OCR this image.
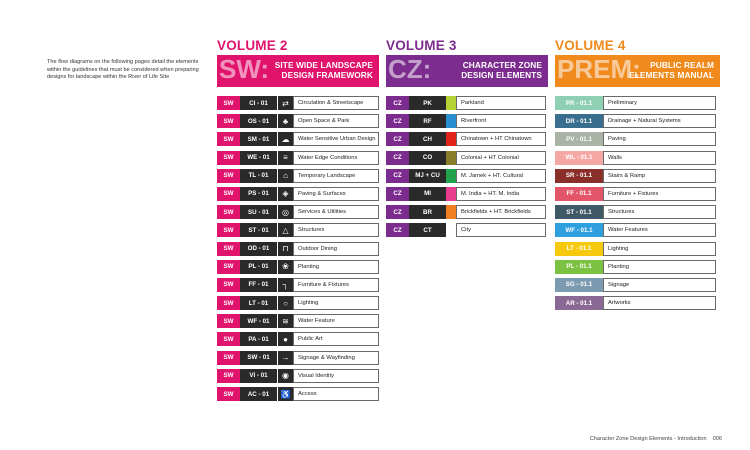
The flow diagrams on the following pages detail the elements within the guidelines that must be considered when preparing designs for landscape within the River of Life Site

VOLUME 2
SW: SITE WIDE LANDSCAPE
DESIGN FRAMEWORK
SW	CI - 01	⇄	Circulation & Streetscape
SW	OS - 01	♣	Open Space & Park
SW	SM - 01	☁	Water Sensitive Urban Design
SW	WE - 01	≡	Water Edge Conditions
SW	TL - 01	⌂	Temporary Landscape
SW	PS - 01	◈	Paving & Surfaces
SW	SU - 01	◎	Services & Utilities
SW	ST - 01	△	Structures
SW	OD - 01	⊓	Outdoor Dining
SW	PL - 01	❀	Planting
SW	FF - 01	┐	Furniture & Fixtures
SW	LT - 01	○	Lighting
SW	WF - 01	≋	Water Feature
SW	PA - 01	●	Public Art
SW	SW - 01	→	Signage & Wayfinding
SW	VI - 01	◉	Visual Identity
SW	AC - 01	♿	Access
VOLUME 3
CZ:	CHARACTER ZONE
DESIGN ELEMENTS
CZ	PK	Parkland
CZ	RF	Riverfront
CZ	CH	Chinatown + HT Chinatown
CZ	CO	Colonial + HT Colonial
CZ	MJ + CU	M. Jamek + HT. Cultural
CZ	MI	M. India + HT. M. India
CZ	BR	Brickfields + HT. Brickfields
CZ	CT	City
VOLUME 4
PREM:	PUBLIC REALM
ELEMENTS MANUAL
PR - 01.1	Preliminary
DR - 01.1	Drainage + Natural Systems
PV - 01.1	Paving
WL - 01.1	Walls
SR - 01.1	Stairs & Ramp
FF - 01.1	Furniture + Fixtures
ST - 01.1	Structures
WF - 01.1	Water Features
LT - 01.1	Lighting
PL - 01.1	Planting
SG - 01.1	Signage
AR - 01.1	Artworks
Character Zone Design Elements - Introduction 006
